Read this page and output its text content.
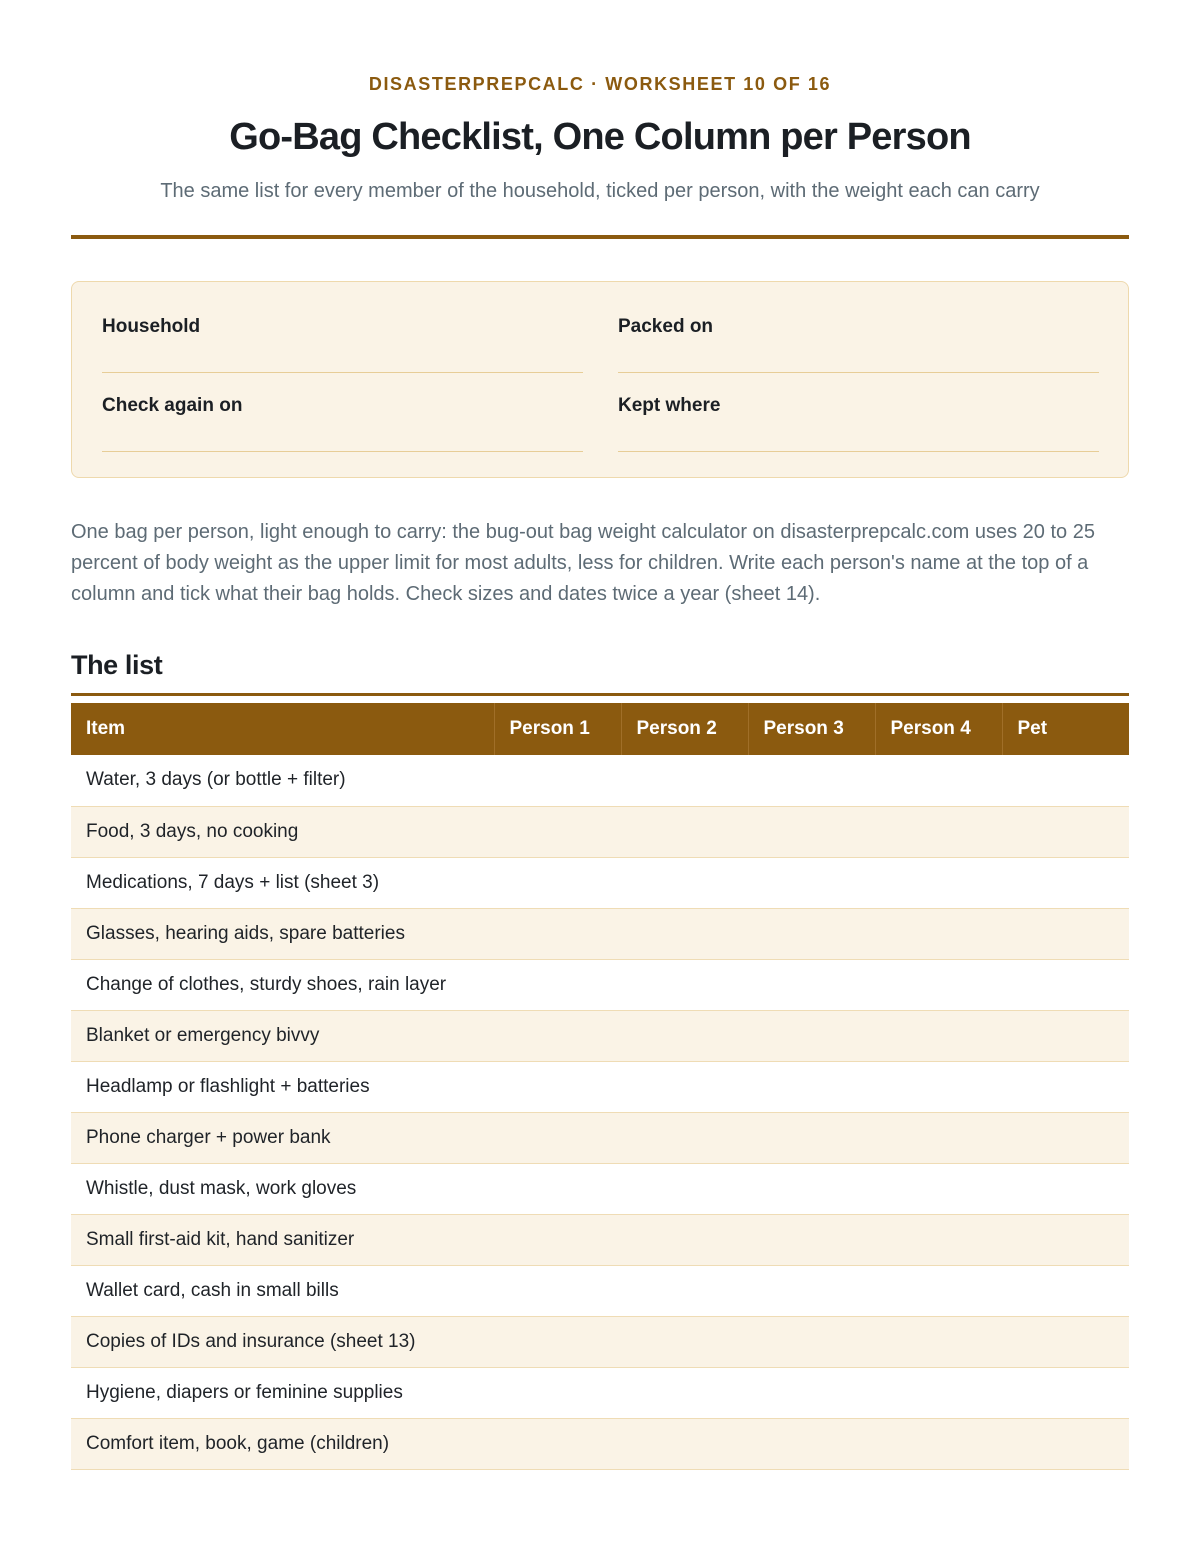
DISASTERPREPCALC · WORKSHEET 10 OF 16
Go-Bag Checklist, One Column per Person
The same list for every member of the household, ticked per person, with the weight each can carry
Household	Packed on
Check again on	Kept where

One bag per person, light enough to carry: the bug-out bag weight calculator on disasterprepcalc.com uses 20 to 25 percent of body weight as the upper limit for most adults, less for children. Write each person's name at the top of a column and tick what their bag holds. Check sizes and dates twice a year (sheet 14).

The list
Item	Person 1	Person 2	Person 3	Person 4	Pet
Water, 3 days (or bottle + filter)					
Food, 3 days, no cooking					
Medications, 7 days + list (sheet 3)					
Glasses, hearing aids, spare batteries					
Change of clothes, sturdy shoes, rain layer					
Blanket or emergency bivvy					
Headlamp or flashlight + batteries					
Phone charger + power bank					
Whistle, dust mask, work gloves					
Small first-aid kit, hand sanitizer					
Wallet card, cash in small bills					
Copies of IDs and insurance (sheet 13)					
Hygiene, diapers or feminine supplies					
Comfort item, book, game (children)					
